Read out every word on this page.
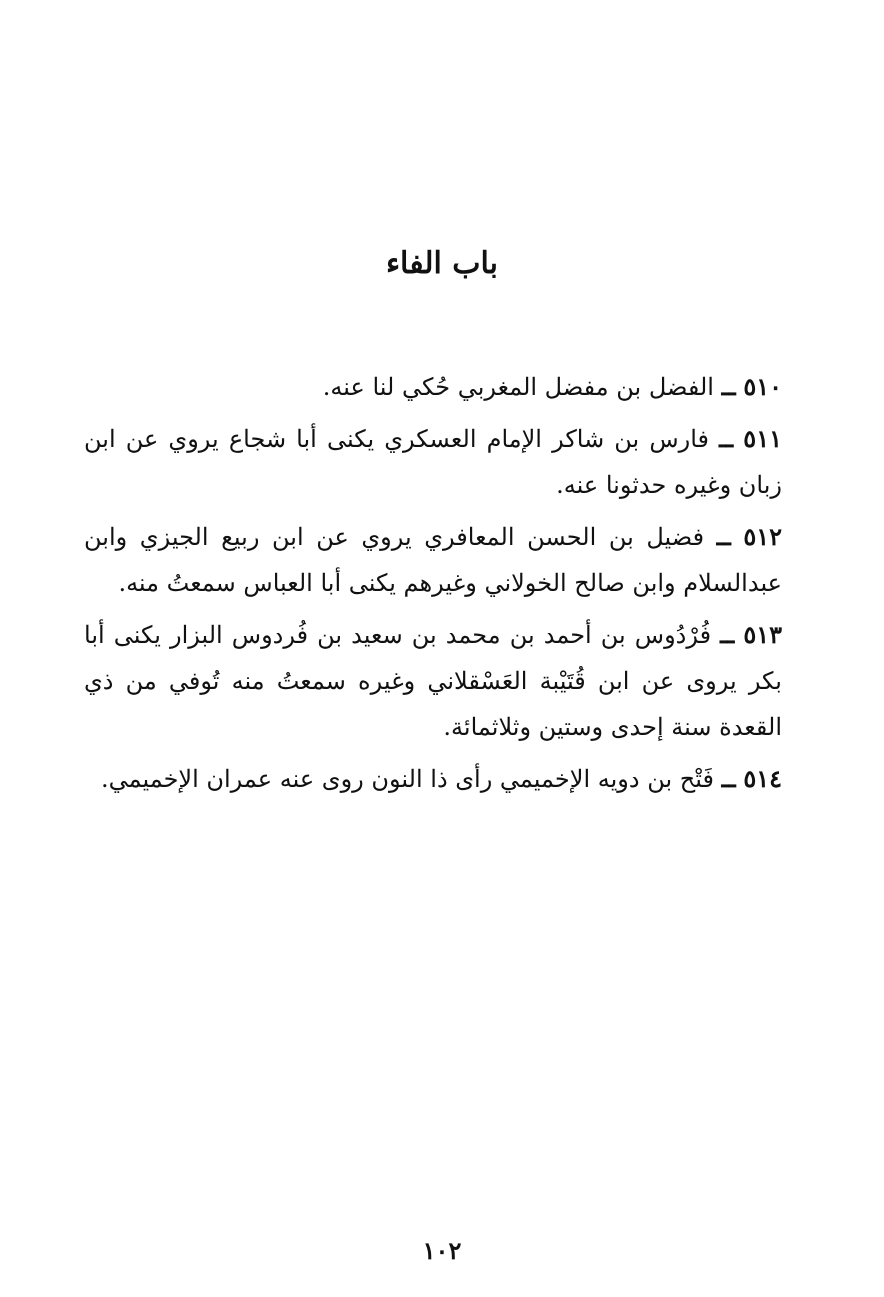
باب الفاء

٥١٠ ــ الفضل بن مفضل المغربي حُكي لنا عنه.

٥١١ ــ فارس بن شاكر الإمام العسكري يكنى أبا شجاع يروي عن ابن زبان وغيره حدثونا عنه.

٥١٢ ــ فضيل بن الحسن المعافري يروي عن ابن ربيع الجيزي وابن عبدالسلام وابن صالح الخولاني وغيرهم يكنى أبا العباس سمعتُ منه.

٥١٣ ــ فُرْدُوس بن أحمد بن محمد بن سعيد بن فُردوس البزار يكنى أبا بكر يروى عن ابن قُتَيْبة العَسْقلاني وغيره سمعتُ منه تُوفي من ذي القعدة سنة إحدى وستين وثلاثمائة.

٥١٤ ــ فَتْح بن دويه الإخميمي رأى ذا النون روى عنه عمران الإخميمي.

١٠٢
